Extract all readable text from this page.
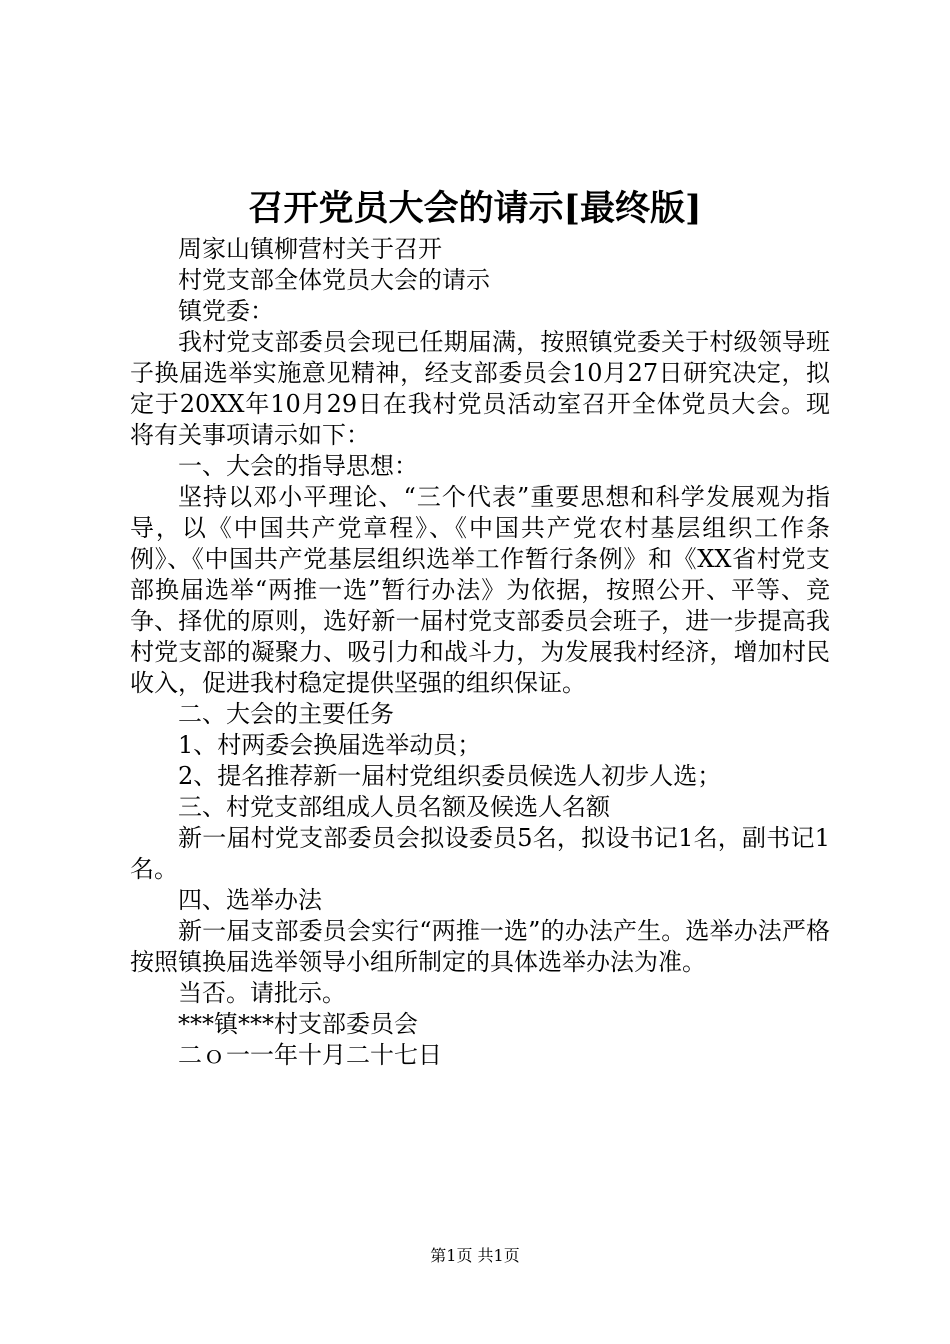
召开党员大会的请示[最终版]

周家山镇柳营村关于召开

村党支部全体党员大会的请示

镇党委：

我村党支部委员会现已任期届满，按照镇党委关于村级领导班子换届选举实施意见精神，经支部委员会10月27日研究决定，拟定于20XX年10月29日在我村党员活动室召开全体党员大会。现将有关事项请示如下：

一、大会的指导思想：

坚持以邓小平理论、“三个代表”重要思想和科学发展观为指导，以《中国共产党章程》、《中国共产党农村基层组织工作条例》、《中国共产党基层组织选举工作暂行条例》和《XX省村党支部换届选举“两推一选”暂行办法》为依据，按照公开、平等、竞争、择优的原则，选好新一届村党支部委员会班子，进一步提高我村党支部的凝聚力、吸引力和战斗力，为发展我村经济，增加村民收入，促进我村稳定提供坚强的组织保证。

二、大会的主要任务

1、村两委会换届选举动员；

2、提名推荐新一届村党组织委员候选人初步人选；

三、村党支部组成人员名额及候选人名额

新一届村党支部委员会拟设委员5名，拟设书记1名，副书记1名。

四、选举办法

新一届支部委员会实行“两推一选”的办法产生。选举办法严格按照镇换届选举领导小组所制定的具体选举办法为准。

当否。请批示。

***镇***村支部委员会

二ｏ一一年十月二十七日

第1页 共1页
